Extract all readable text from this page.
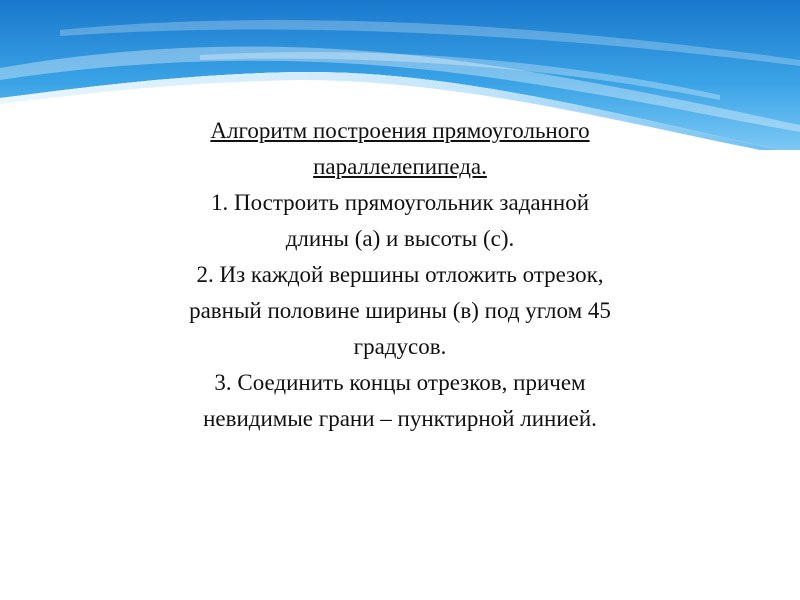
Алгоритм построения прямоугольного
параллелепипеда.
1. Построить прямоугольник заданной
длины (а) и высоты (с).
2. Из каждой вершины отложить отрезок,
равный половине ширины (в) под углом 45
градусов.
3. Соединить концы отрезков, причем
невидимые грани – пунктирной линией.
